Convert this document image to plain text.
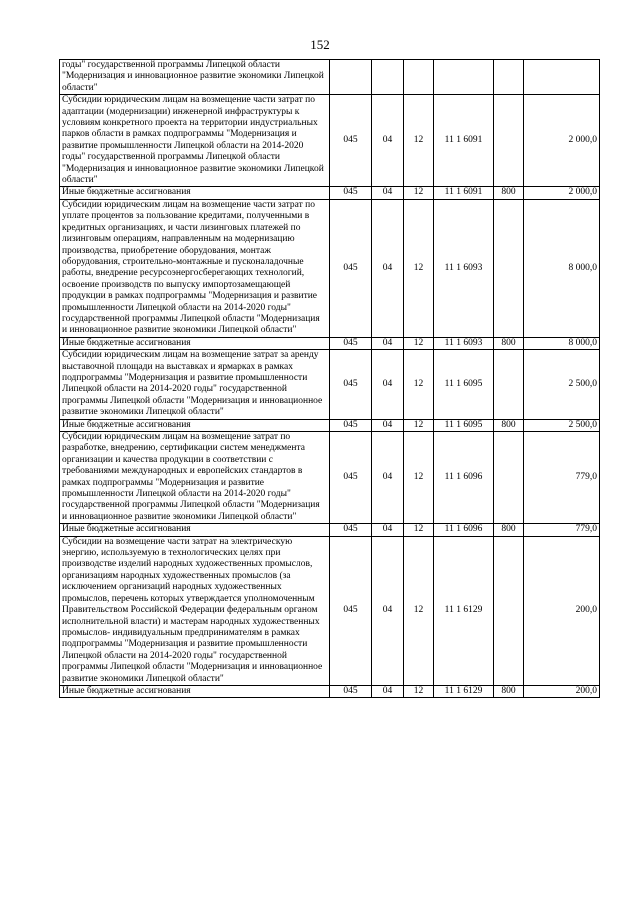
152
годы" государственной программы Липецкой области "Модернизация и инновационное развитие экономики Липецкой области"						
Субсидии юридическим лицам на возмещение части затрат по адаптации (модернизации) инженерной инфраструктуры к условиям конкретного проекта на территории индустриальных парков области в рамках подпрограммы "Модернизация и развитие промышленности Липецкой области на 2014-2020 годы" государственной программы Липецкой области "Модернизация и инновационное развитие экономики Липецкой области"	045	04	12	11 1 6091		2 000,0
Иные бюджетные ассигнования	045	04	12	11 1 6091	800	2 000,0
Субсидии юридическим лицам на возмещение части затрат по уплате процентов за пользование кредитами, полученными в кредитных организациях, и части лизинговых платежей по лизинговым операциям, направленным на модернизацию производства, приобретение оборудования, монтаж оборудования, строительно-монтажные и пусконаладочные работы, внедрение ресурсоэнергосберегающих технологий, освоение производств по выпуску импортозамещающей продукции в рамках подпрограммы "Модернизация и развитие промышленности Липецкой области на 2014-2020 годы" государственной программы Липецкой области "Модернизация и инновационное развитие экономики Липецкой области"	045	04	12	11 1 6093		8 000,0
Иные бюджетные ассигнования	045	04	12	11 1 6093	800	8 000,0
Субсидии юридическим лицам на возмещение затрат за аренду выставочной площади на выставках и ярмарках в рамках подпрограммы "Модернизация и развитие промышленности Липецкой области на 2014-2020 годы" государственной программы Липецкой области "Модернизация и инновационное развитие экономики Липецкой области"	045	04	12	11 1 6095		2 500,0
Иные бюджетные ассигнования	045	04	12	11 1 6095	800	2 500,0
Субсидии юридическим лицам на возмещение затрат по разработке, внедрению, сертификации систем менеджмента организации и качества продукции в соответствии с требованиями международных и европейских стандартов в рамках подпрограммы "Модернизация и развитие промышленности Липецкой области на 2014-2020 годы" государственной программы Липецкой области "Модернизация и инновационное развитие экономики Липецкой области"	045	04	12	11 1 6096		779,0
Иные бюджетные ассигнования	045	04	12	11 1 6096	800	779,0
Субсидии на возмещение части затрат на электрическую энергию, используемую в технологических целях при производстве изделий народных художественных промыслов, организациям народных художественных промыслов (за исключением организаций народных художественных промыслов, перечень которых утверждается уполномоченным Правительством Российской Федерации федеральным органом исполнительной власти) и мастерам народных художественных промыслов- индивидуальным предпринимателям в рамках подпрограммы "Модернизация и развитие промышленности Липецкой области на 2014-2020 годы" государственной программы Липецкой области "Модернизация и инновационное развитие экономики Липецкой области"	045	04	12	11 1 6129		200,0
Иные бюджетные ассигнования	045	04	12	11 1 6129	800	200,0
